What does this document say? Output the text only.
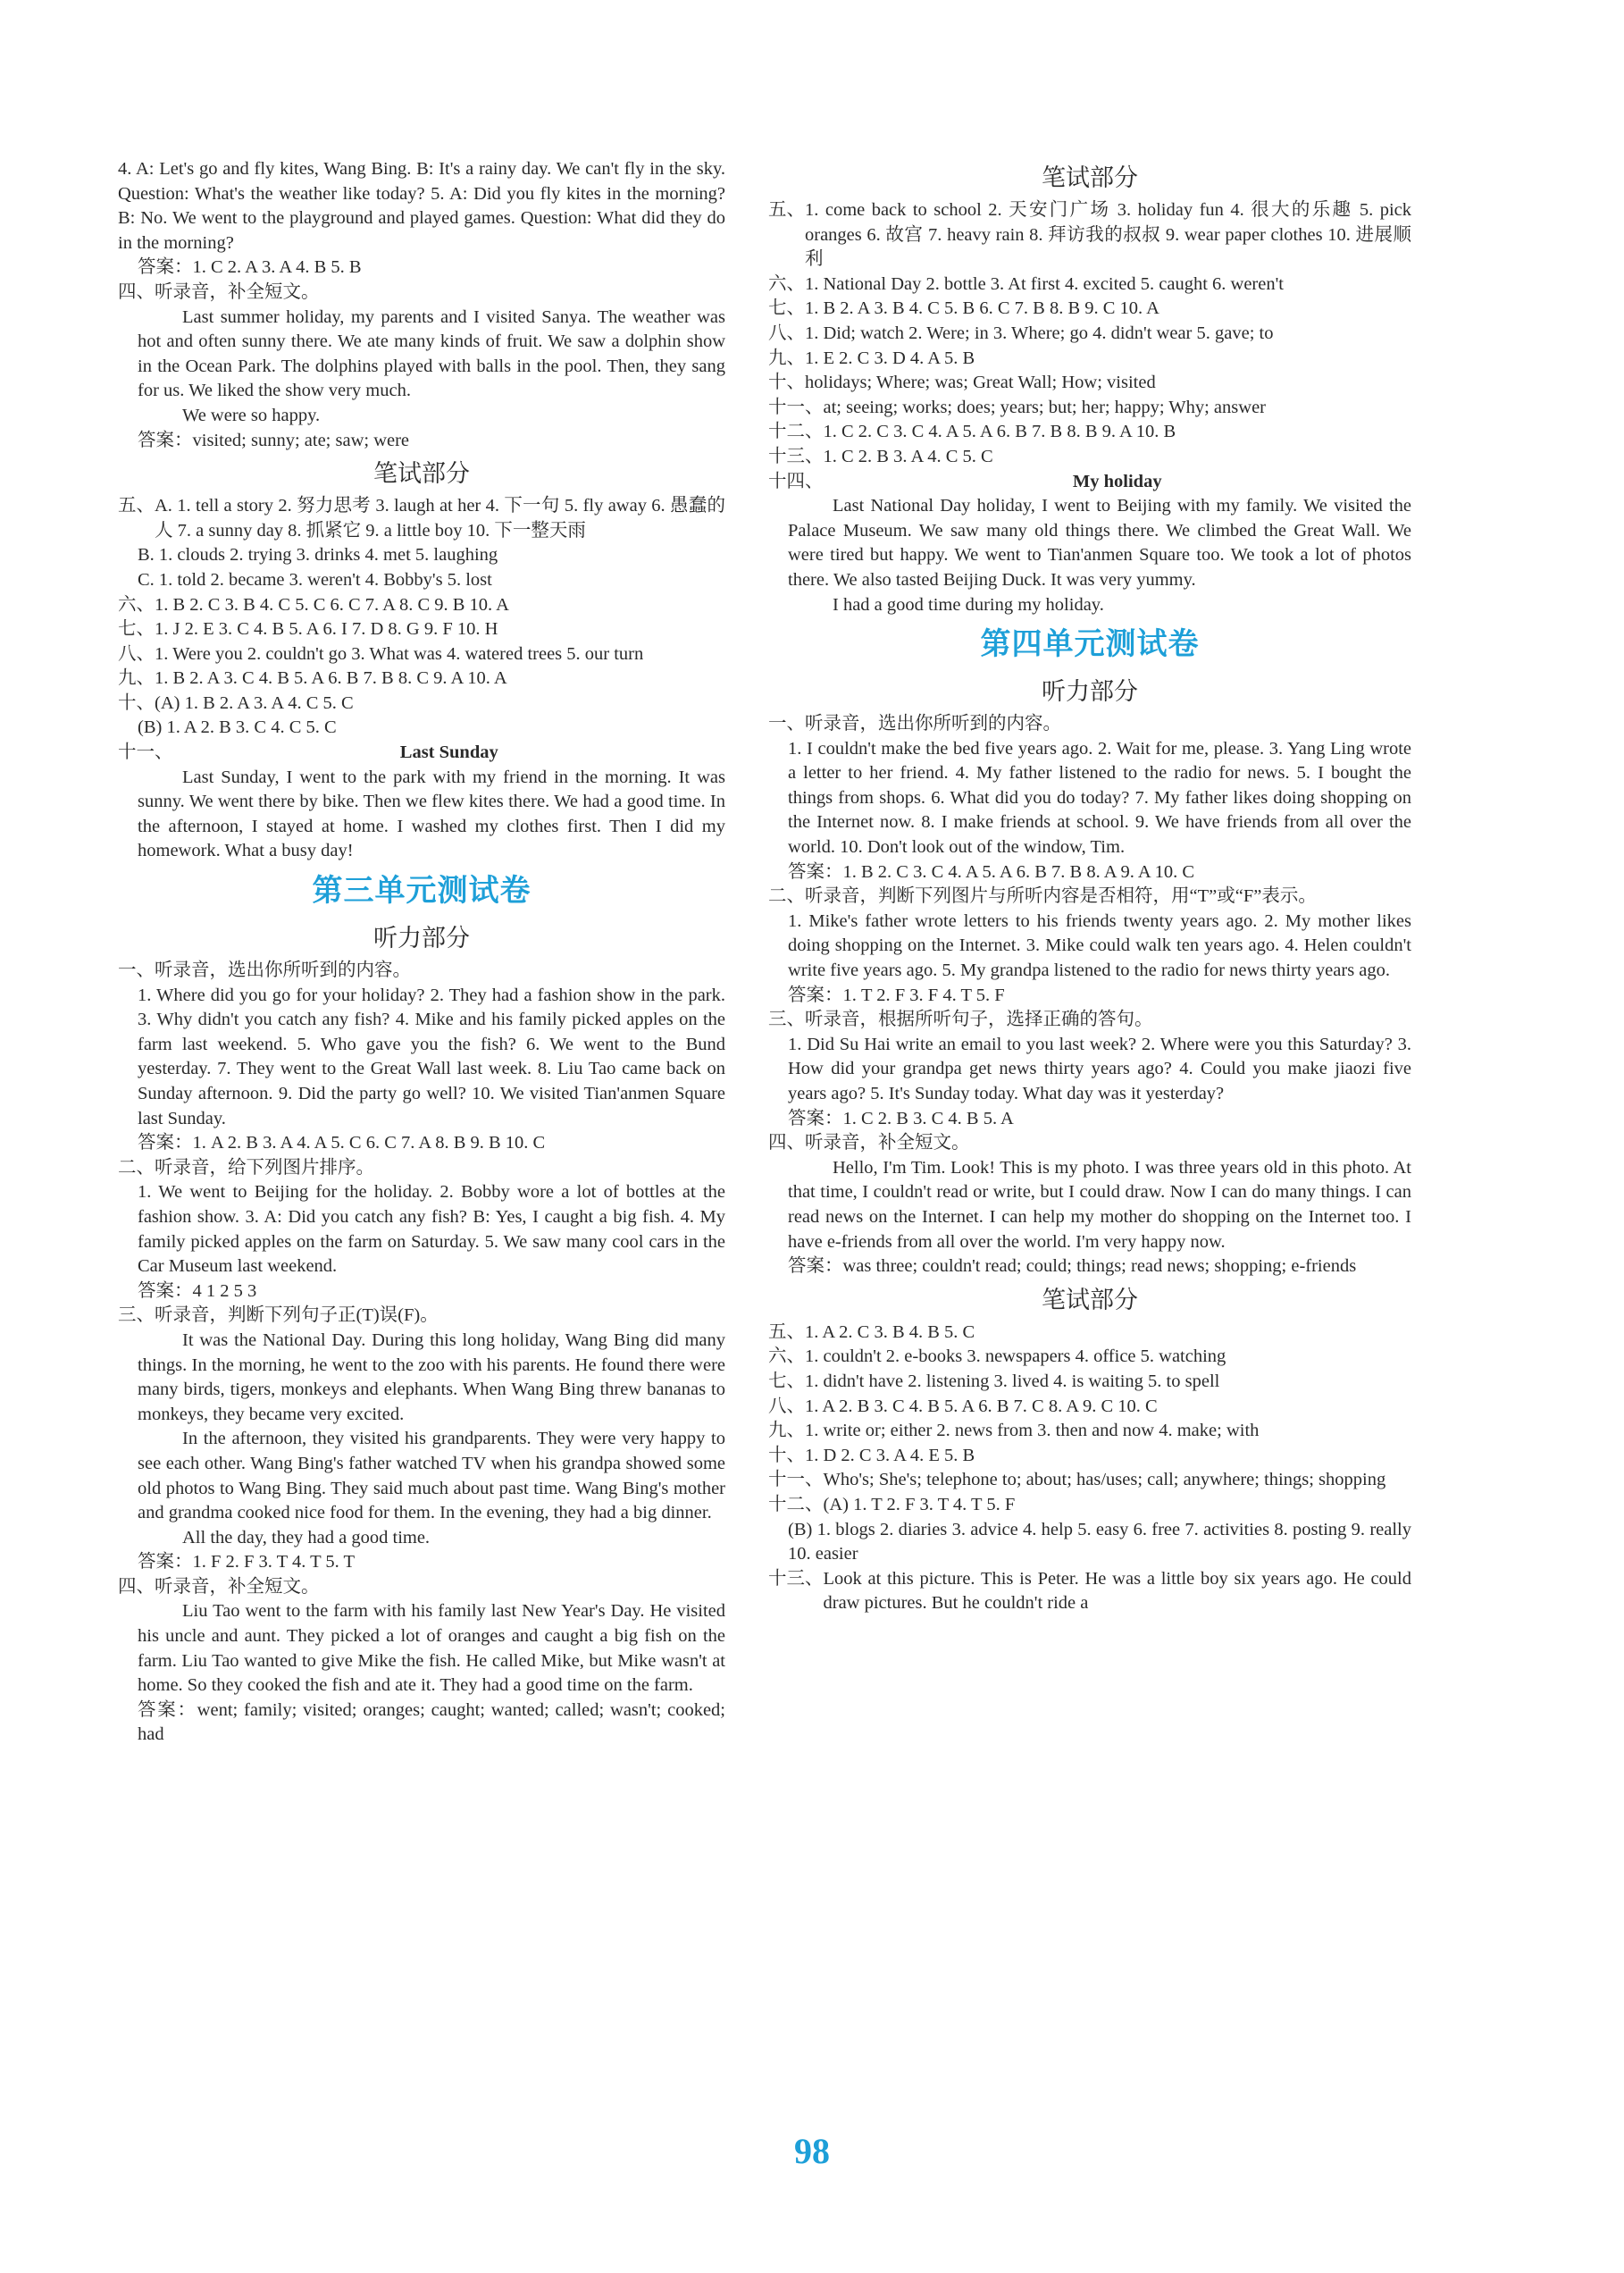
4. A: Let's go and fly kites, Wang Bing. B: It's a rainy day. We can't fly in the sky. Question: What's the weather like today? 5. A: Did you fly kites in the morning? B: No. We went to the playground and played games. Question: What did they do in the morning?
答案：1. C 2. A 3. A 4. B 5. B
四、 听录音，补全短文。
Last summer holiday, my parents and I visited Sanya. The weather was hot and often sunny there. We ate many kinds of fruit. We saw a dolphin show in the Ocean Park. The dolphins played with balls in the pool. Then, they sang for us. We liked the show very much.
We were so happy.
答案：visited; sunny; ate; saw; were
笔试部分
五、 A. 1. tell a story 2. 努力思考 3. laugh at her 4. 下一句 5. fly away 6. 愚蠢的人 7. a sunny day 8. 抓紧它 9. a little boy 10. 下一整天雨
B. 1. clouds 2. trying 3. drinks 4. met 5. laughing
C. 1. told 2. became 3. weren't 4. Bobby's 5. lost
六、 1. B 2. C 3. B 4. C 5. C 6. C 7. A 8. C 9. B 10. A
七、 1. J 2. E 3. C 4. B 5. A 6. I 7. D 8. G 9. F 10. H
八、 1. Were you 2. couldn't go 3. What was 4. watered trees 5. our turn
九、 1. B 2. A 3. C 4. B 5. A 6. B 7. B 8. C 9. A 10. A
十、 (A) 1. B 2. A 3. A 4. C 5. C
(B) 1. A 2. B 3. C 4. C 5. C
十一、	Last Sunday
Last Sunday, I went to the park with my friend in the morning. It was sunny. We went there by bike. Then we flew kites there. We had a good time. In the afternoon, I stayed at home. I washed my clothes first. Then I did my homework. What a busy day!
第三单元测试卷
听力部分
一、 听录音，选出你所听到的内容。
1. Where did you go for your holiday? 2. They had a fashion show in the park. 3. Why didn't you catch any fish? 4. Mike and his family picked apples on the farm last weekend. 5. Who gave you the fish? 6. We went to the Bund yesterday. 7. They went to the Great Wall last week. 8. Liu Tao came back on Sunday afternoon. 9. Did the party go well? 10. We visited Tian'anmen Square last Sunday.
答案：1. A 2. B 3. A 4. A 5. C 6. C 7. A 8. B 9. B 10. C
二、 听录音，给下列图片排序。
1. We went to Beijing for the holiday. 2. Bobby wore a lot of bottles at the fashion show. 3. A: Did you catch any fish? B: Yes, I caught a big fish. 4. My family picked apples on the farm on Saturday. 5. We saw many cool cars in the Car Museum last weekend.
答案：4 1 2 5 3
三、 听录音，判断下列句子正(T)误(F)。
It was the National Day. During this long holiday, Wang Bing did many things. In the morning, he went to the zoo with his parents. He found there were many birds, tigers, monkeys and elephants. When Wang Bing threw bananas to monkeys, they became very excited.
In the afternoon, they visited his grandparents. They were very happy to see each other. Wang Bing's father watched TV when his grandpa showed some old photos to Wang Bing. They said much about past time. Wang Bing's mother and grandma cooked nice food for them. In the evening, they had a big dinner.
All the day, they had a good time.
答案：1. F 2. F 3. T 4. T 5. T
四、 听录音，补全短文。
Liu Tao went to the farm with his family last New Year's Day. He visited his uncle and aunt. They picked a lot of oranges and caught a big fish on the farm. Liu Tao wanted to give Mike the fish. He called Mike, but Mike wasn't at home. So they cooked the fish and ate it. They had a good time on the farm.
答案：went; family; visited; oranges; caught; wanted; called; wasn't; cooked; had
笔试部分
五、 1. come back to school 2. 天安门广场 3. holiday fun 4. 很大的乐趣 5. pick oranges 6. 故宫 7. heavy rain 8. 拜访我的叔叔 9. wear paper clothes 10. 进展顺利
六、 1. National Day 2. bottle 3. At first 4. excited 5. caught 6. weren't
七、 1. B 2. A 3. B 4. C 5. B 6. C 7. B 8. B 9. C 10. A
八、 1. Did; watch 2. Were; in 3. Where; go 4. didn't wear 5. gave; to
九、 1. E 2. C 3. D 4. A 5. B
十、 holidays; Where; was; Great Wall; How; visited
十一、 at; seeing; works; does; years; but; her; happy; Why; answer
十二、 1. C 2. C 3. C 4. A 5. A 6. B 7. B 8. B 9. A 10. B
十三、 1. C 2. B 3. A 4. C 5. C
十四、	My holiday
Last National Day holiday, I went to Beijing with my family. We visited the Palace Museum. We saw many old things there. We climbed the Great Wall. We were tired but happy. We went to Tian'anmen Square too. We took a lot of photos there. We also tasted Beijing Duck. It was very yummy.
I had a good time during my holiday.
第四单元测试卷
听力部分
一、 听录音，选出你所听到的内容。
1. I couldn't make the bed five years ago. 2. Wait for me, please. 3. Yang Ling wrote a letter to her friend. 4. My father listened to the radio for news. 5. I bought the things from shops. 6. What did you do today? 7. My father likes doing shopping on the Internet now. 8. I make friends at school. 9. We have friends from all over the world. 10. Don't look out of the window, Tim.
答案：1. B 2. C 3. C 4. A 5. A 6. B 7. B 8. A 9. A 10. C
二、 听录音，判断下列图片与所听内容是否相符，用“T”或“F”表示。
1. Mike's father wrote letters to his friends twenty years ago. 2. My mother likes doing shopping on the Internet. 3. Mike could walk ten years ago. 4. Helen couldn't write five years ago. 5. My grandpa listened to the radio for news thirty years ago.
答案：1. T 2. F 3. F 4. T 5. F
三、 听录音，根据所听句子，选择正确的答句。
1. Did Su Hai write an email to you last week? 2. Where were you this Saturday? 3. How did your grandpa get news thirty years ago? 4. Could you make jiaozi five years ago? 5. It's Sunday today. What day was it yesterday?
答案：1. C 2. B 3. C 4. B 5. A
四、 听录音，补全短文。
Hello, I'm Tim. Look! This is my photo. I was three years old in this photo. At that time, I couldn't read or write, but I could draw. Now I can do many things. I can read news on the Internet. I can help my mother do shopping on the Internet too. I have e-friends from all over the world. I'm very happy now.
答案：was three; couldn't read; could; things; read news; shopping; e-friends
笔试部分
五、 1. A 2. C 3. B 4. B 5. C
六、 1. couldn't 2. e-books 3. newspapers 4. office 5. watching
七、 1. didn't have 2. listening 3. lived 4. is waiting 5. to spell
八、 1. A 2. B 3. C 4. B 5. A 6. B 7. C 8. A 9. C 10. C
九、 1. write or; either 2. news from 3. then and now 4. make; with
十、 1. D 2. C 3. A 4. E 5. B
十一、 Who's; She's; telephone to; about; has/uses; call; anywhere; things; shopping
十二、 (A) 1. T 2. F 3. T 4. T 5. F
(B) 1. blogs 2. diaries 3. advice 4. help 5. easy 6. free 7. activities 8. posting 9. really 10. easier
十三、 Look at this picture. This is Peter. He was a little boy six years ago. He could draw pictures. But he couldn't ride a
98
